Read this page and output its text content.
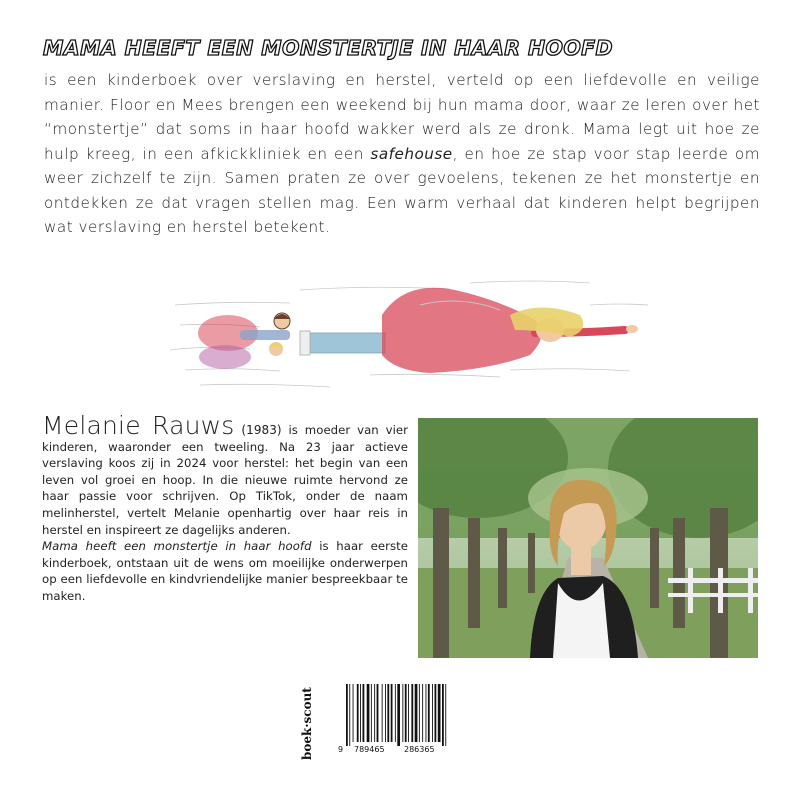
MAMA HEEFT EEN MONSTERTJE IN HAAR HOOFD

is een kinderboek over verslaving en herstel, verteld op een liefdevolle en veilige manier. Floor en Mees brengen een weekend bij hun mama door, waar ze leren over het “monstertje” dat soms in haar hoofd wakker werd als ze dronk. Mama legt uit hoe ze hulp kreeg, in een afkickkliniek en een safehouse, en hoe ze stap voor stap leerde om weer zichzelf te zijn. Samen praten ze over gevoelens, tekenen ze het monstertje en ontdekken ze dat vragen stellen mag. Een warm verhaal dat kinderen helpt begrijpen wat verslaving en herstel betekent.

Melanie Rauws (1983) is moeder van vier kinderen, waaronder een tweeling. Na 23 jaar actieve verslaving koos zij in 2024 voor herstel: het begin van een leven vol groei en hoop. In die nieuwe ruimte hervond ze haar passie voor schrijven. Op TikTok, onder de naam melinherstel, vertelt Melanie openhartig over haar reis in herstel en inspireert ze dagelijks anderen.

Mama heeft een monstertje in haar hoofd is haar eerste kinderboek, ontstaan uit de wens om moeilijke onderwerpen op een liefdevolle en kindvriendelijke manier bespreekbaar te maken.

9 789465 286365
boek·scout
